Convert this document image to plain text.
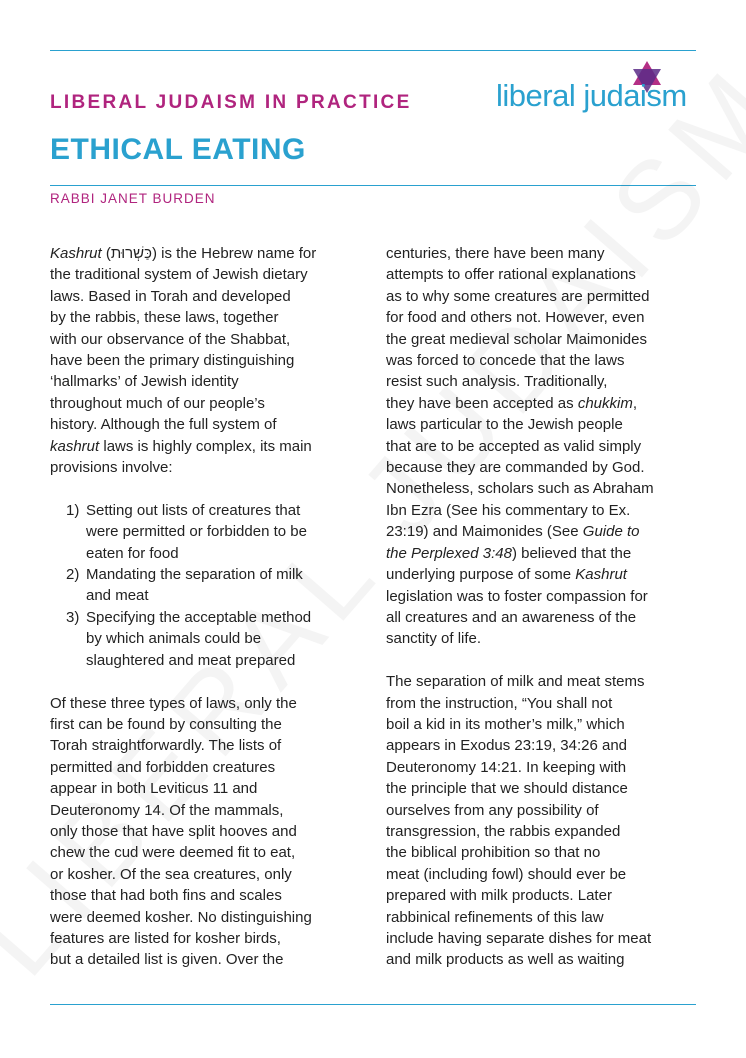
LIBERAL JUDAISM IN PRACTICE
ETHICAL EATING

RABBI JANET BURDEN

liberal judaism
Kashrut (כַּשְׁרוּת) is the Hebrew name for
the traditional system of Jewish dietary
laws. Based in Torah and developed
by the rabbis, these laws, together
with our observance of the Shabbat,
have been the primary distinguishing
‘hallmarks’ of Jewish identity
throughout much of our people’s
history. Although the full system of
kashrut laws is highly complex, its main
provisions involve:
1) Setting out lists of creatures that
were permitted or forbidden to be
eaten for food
2) Mandating the separation of milk
and meat
3) Specifying the acceptable method
by which animals could be
slaughtered and meat prepared
Of these three types of laws, only the
first can be found by consulting the
Torah straightforwardly. The lists of
permitted and forbidden creatures
appear in both Leviticus 11 and
Deuteronomy 14. Of the mammals,
only those that have split hooves and
chew the cud were deemed fit to eat,
or kosher. Of the sea creatures, only
those that had both fins and scales
were deemed kosher. No distinguishing
features are listed for kosher birds,
but a detailed list is given. Over the
centuries, there have been many
attempts to offer rational explanations
as to why some creatures are permitted
for food and others not. However, even
the great medieval scholar Maimonides
was forced to concede that the laws
resist such analysis. Traditionally,
they have been accepted as chukkim,
laws particular to the Jewish people
that are to be accepted as valid simply
because they are commanded by God.
Nonetheless, scholars such as Abraham
Ibn Ezra (See his commentary to Ex.
23:19) and Maimonides (See Guide to
the Perplexed 3:48) believed that the
underlying purpose of some Kashrut
legislation was to foster compassion for
all creatures and an awareness of the
sanctity of life.
The separation of milk and meat stems
from the instruction, “You shall not
boil a kid in its mother’s milk,” which
appears in Exodus 23:19, 34:26 and
Deuteronomy 14:21. In keeping with
the principle that we should distance
ourselves from any possibility of
transgression, the rabbis expanded
the biblical prohibition so that no
meat (including fowl) should ever be
prepared with milk products. Later
rabbinical refinements of this law
include having separate dishes for meat
and milk products as well as waiting
